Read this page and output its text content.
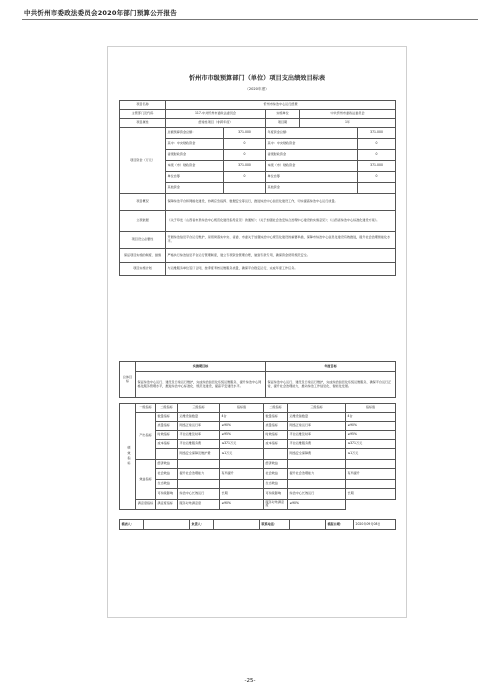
中共忻州市委政法委员会2020年部门预算公开报告
忻州市市级预算部门（单位）项目支出绩效目标表
（2020年度）
项目名称	忻州市综治中心运行经费				
主管部门及代码	117-中共忻州市委政法委员会		实施单位	中共忻州市委政法委员会	
项目属性	经常性项目（非跨年度）		项目期	1年	
项目资金（万元）	总额预算资金总额：	371.000	年度资金总额：		371.000
	其中：中央财政资金	0	其中：中央财政资金		0
	省级财政资金	0	省级财政资金		0
	本级（市）财政资金	371.000	本级（市）财政资金		371.000
	单位自筹	0	单位自筹		0
	其他资金		其他资金		
项目概况	保障综治平台和网格化建设，协调应急指挥、数据安全等运行，推进综治中心信息化建设工作，切实提高综治中心运行质量。				
立项依据	《关于印发〈山西省市县综治中心规范化建设指导意见〉的通知》；《关于加强社会治安综合治理中心建设的实施意见》；《山西省综治中心标准化建设方案》。				
项目设立必要性	开展综治信息平台运行维护，是贯彻落实中央、省委、市委关于加强综治中心规范化建设的重要举措，保障市综治中心信息化建设有效推进，提升社会治理智能化水平。				
保证项目实施的制度、措施	严格执行综治信息平台运行管理制度，建立专项资金管理台账，做到专款专用，确保资金使用规范安全。				
项目实施计划	与运维服务单位签订合同，按季度考核运维服务质量，确保平台稳定运行，完成年度工作任务。				
总体目标	实施期目标	年度目标
	保证综治中心运行、建设及日常运行维护，完成综治信息化系统运维服务，提升综治中心网格化服务管理水平，推进综治中心标准化、规范化建设，提高平安建设水平。	保证综治中心运行、建设及日常运行维护，完成综治信息化系统运维服务，确保平台运行正常，提升社会治理能力，推动综治工作信息化、智能化发展。
绩效指标	一级指标	二级指标	三级指标	指标值	二级指标	三级指标	指标值
	产出指标	数量指标	运维设备数量	4台	数量指标	运维设备数量	4台
		质量指标	网络正常运行率	≥90%	质量指标	网络正常运行率	≥90%
		时效指标	平台运维及时率	≥95%	时效指标	平台运维及时率	≥95%
		成本指标	平台运维服务费	≤371万元	成本指标	平台运维服务费	≤371万元
			网络安全保障及维护费	≤1万元		网络安全保障费	≤1万元
	效益指标	经济效益			经济效益		
		社会效益	提升社会治理能力	有所提升	社会效益	提升社会治理能力	有所提升
		生态效益			生态效益		
		可持续影响	综治中心长效运行	长期	可持续影响	综治中心长效运行	长期
	满意度指标	满意度指标	服务对象满意度	≥90%	服务对象满意度	≥90%	
填表人：		负责人：		联系电话：		填报日期：	2020年09月08日
-25-
